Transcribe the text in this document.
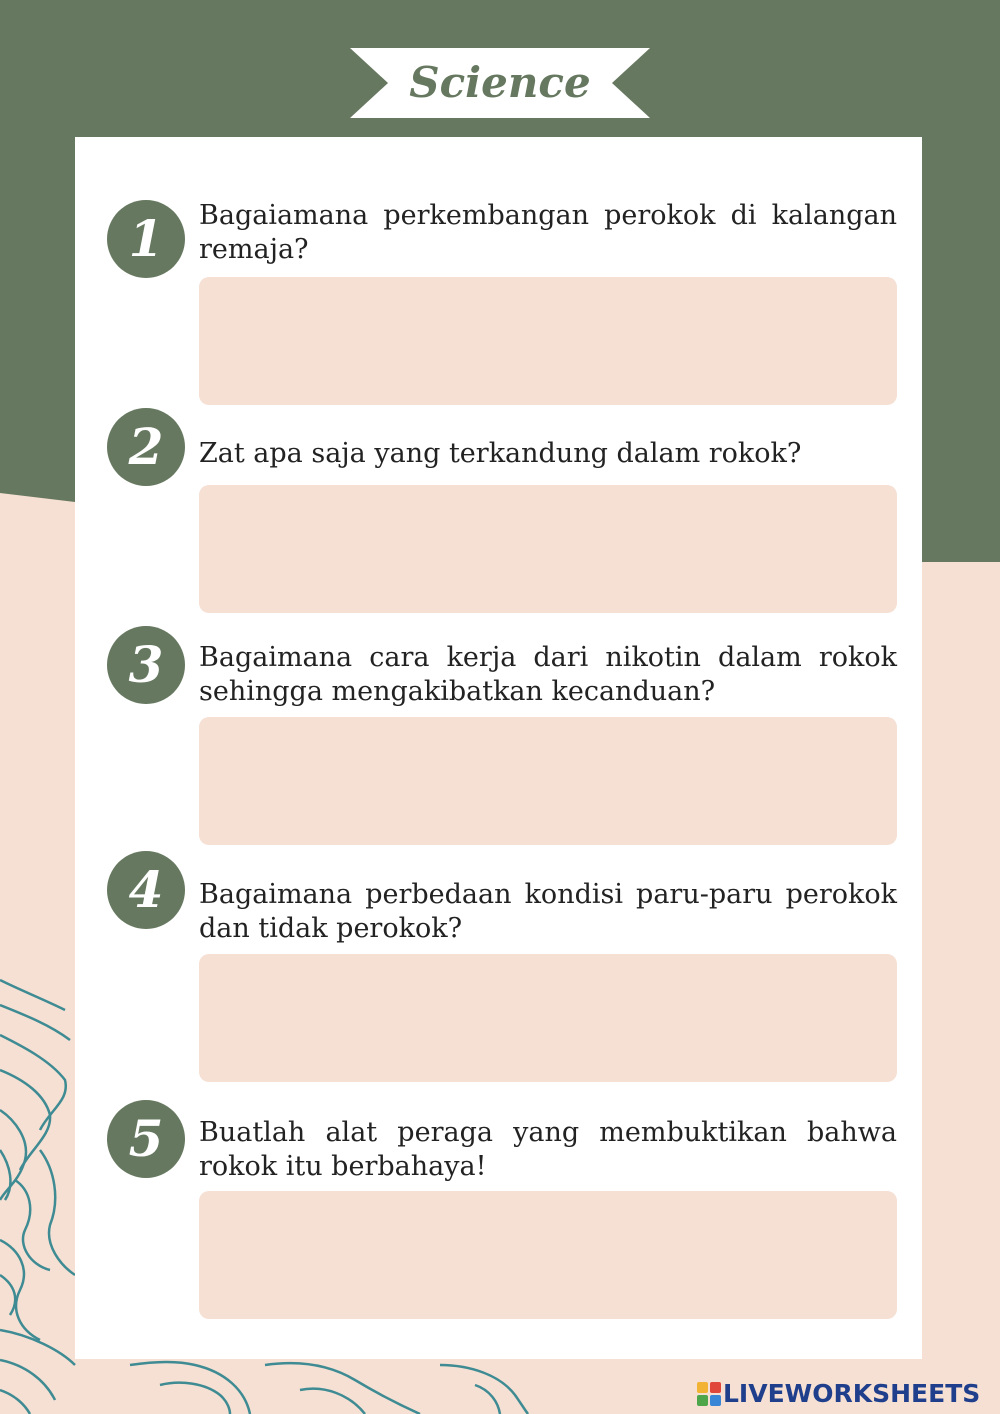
Science
1	Bagaiamana perkembangan perokok di kalangan remaja?
2	Zat apa saja yang terkandung dalam rokok?
3	Bagaimana cara kerja dari nikotin dalam rokok sehingga mengakibatkan kecanduan?
4	Bagaimana perbedaan kondisi paru-paru perokok dan tidak perokok?
5	Buatlah alat peraga yang membuktikan bahwa rokok itu berbahaya!
LIVEWORKSHEETS
